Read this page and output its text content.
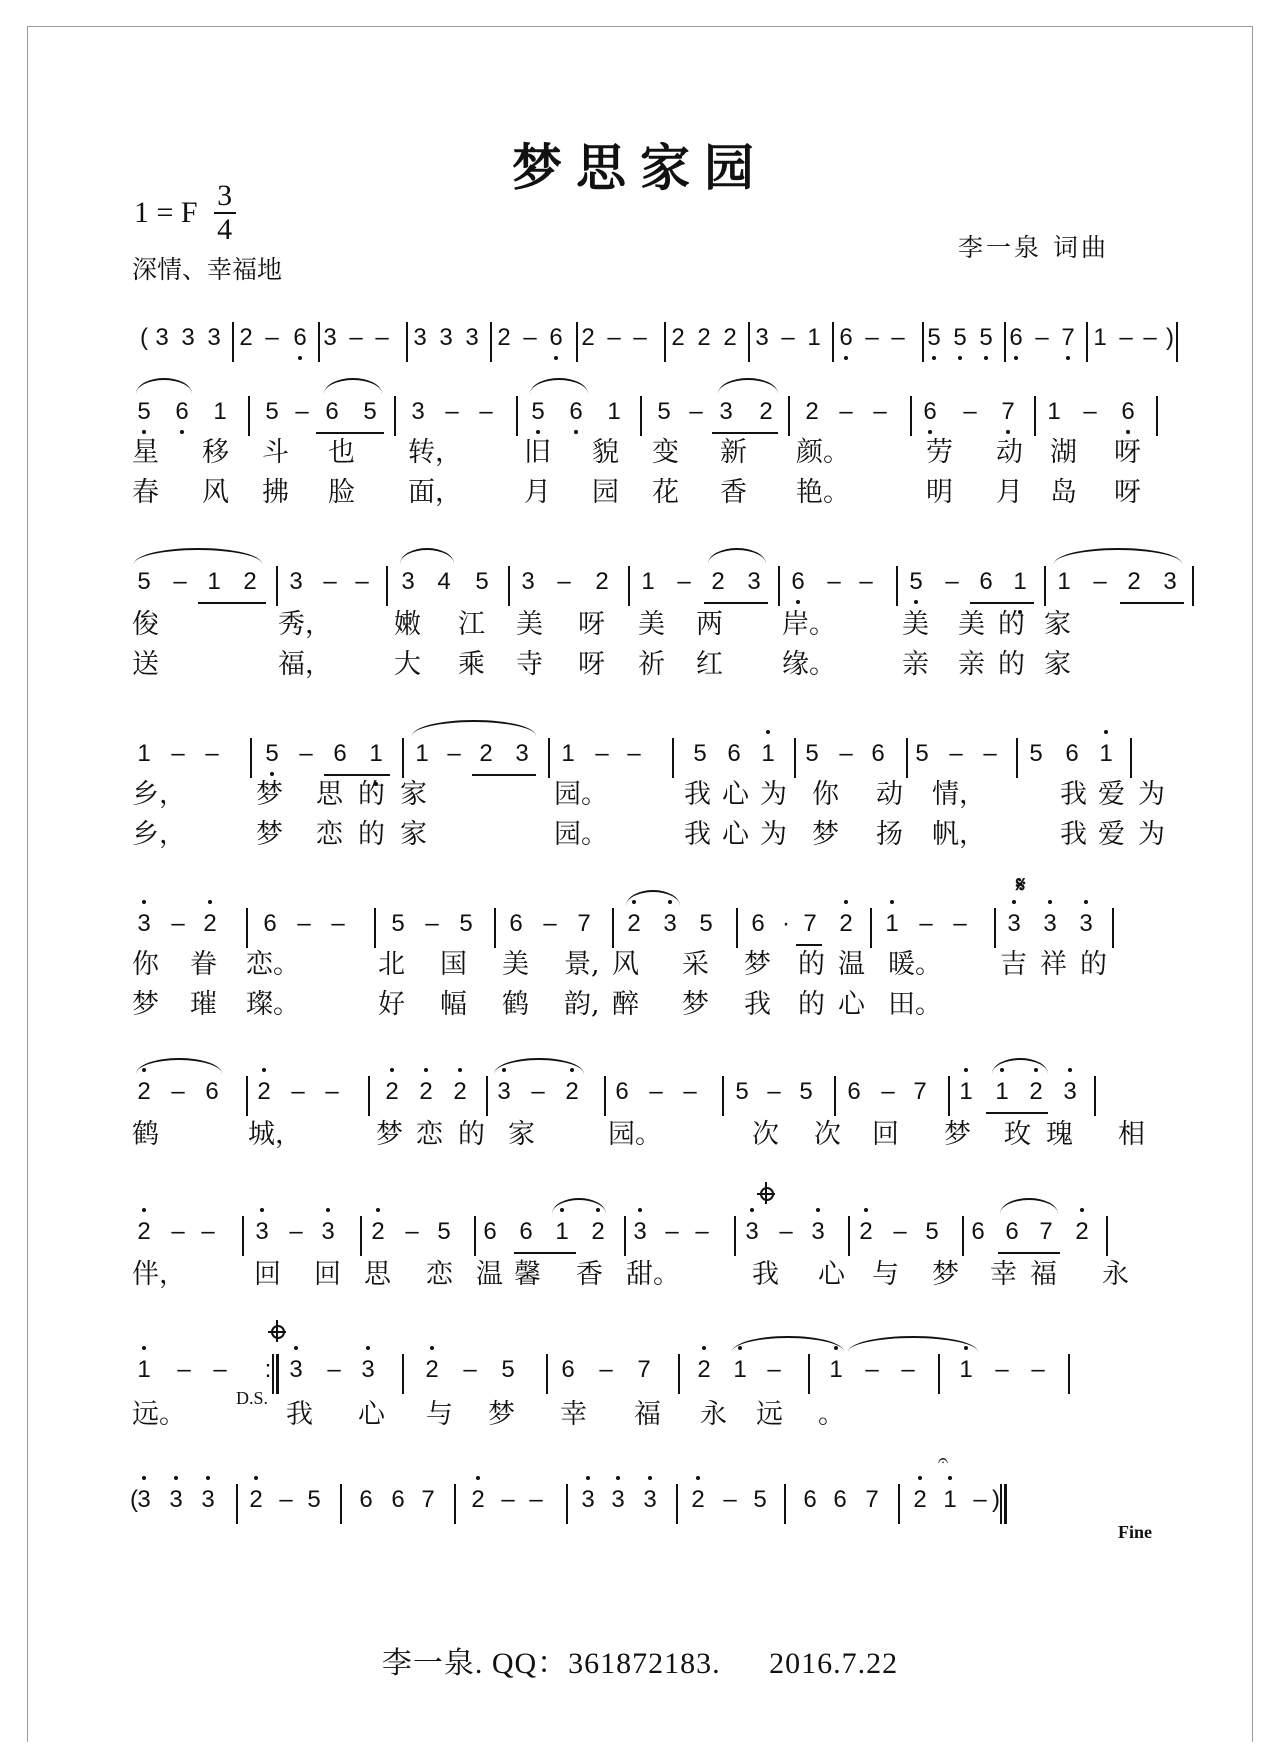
梦思家园
1 = F $\frac{3}{4}$
深情、幸福地
李一泉 词曲
( 3 3 3 2 – 6 3 – – 3 3 3 2 – 6 2 – – 2 2 2 3 – 1 6 – – 5 5 5 6 – 7 1 – – )
5 6 1 5 – 6 5 3 – – 5 6 1 5 – 3 2 2 – – 6 – 7 1 – 6
5 – 1 2 3 – – 3 4 5 3 – 2 1 – 2 3 6 – – 5 – 6 1 1 – 2 3
1 – – 5 – 6 1 1 – 2 3 1 – – 5 6 1 5 – 6 5 – – 5 6 1
3 – 2 6 – – 5 – 5 6 – 7 2 3 5 6 · 7 2 1 – – 3 3 3
2 – 6 2 – – 2 2 2 3 – 2 6 – – 5 – 5 6 – 7 1 1 2 3
2 – – 3 – 3 2 – 5 6 6 1 2 3 – – 3 – 3 2 – 5 6 6 7 2
1 – –	: 3 – 3 2 – 5 6 – 7 2 1 – 1 – – 1 – –
( 3 3 3 2 – 5 6 6 7 2 – – 3 3 3 2 – 5 6 6 7 2 1 – )
星 移 斗 也 转， 旧 貌 变 新 颜。	劳 动 湖 呀
春 风 拂 脸 面， 月 园 花 香 艳。	明 月 岛 呀
俊	秀， 嫩 江 美 呀 美 两 岸。 美 美 的 家
送	福， 大 乘 寺 呀 祈 红 缘。 亲 亲 的 家
乡，	梦 思 的 家	园。	我 心 为 你 动 情，	我 爱 为
乡，	梦 恋 的 家	园。	我 心 为 梦 扬 帆，	我 爱 为
你 眷 恋。	北 国 美 景, 风 采 梦 的 温 暖。 吉 祥 的
梦 璀 璨。	好 幅 鹤 韵, 醉 梦 我 的 心 田。
鹤	城，	梦 恋 的 家	园。	次 次 回 梦 玫 瑰 相
伴，	回 回 思 恋 温 馨 香 甜。	我 心 与 梦 幸 福 永
远。	我 心 与 梦 幸 福 永 远 。
𝄋
D.S.
Fine
𝄐
李一泉. QQ：361872183. 2016.7.22
